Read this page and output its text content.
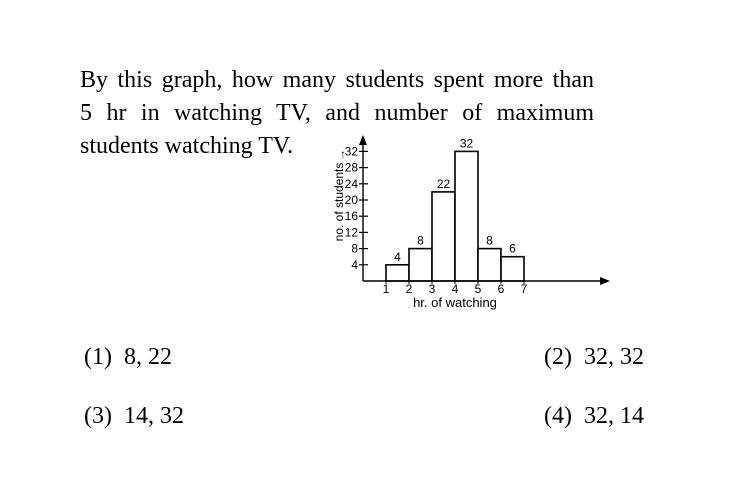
By this graph, how many students spent more than
5 hr in watching TV, and number of maximum
students watching TV.
4
8
22
32
8
6
4
8
12
16
20
24
28
32
↑
1 2 3 4 5 6 7
hr. of watching
no. of students
(1) 8, 22	(2) 32, 32
(3) 14, 32	(4) 32, 14
